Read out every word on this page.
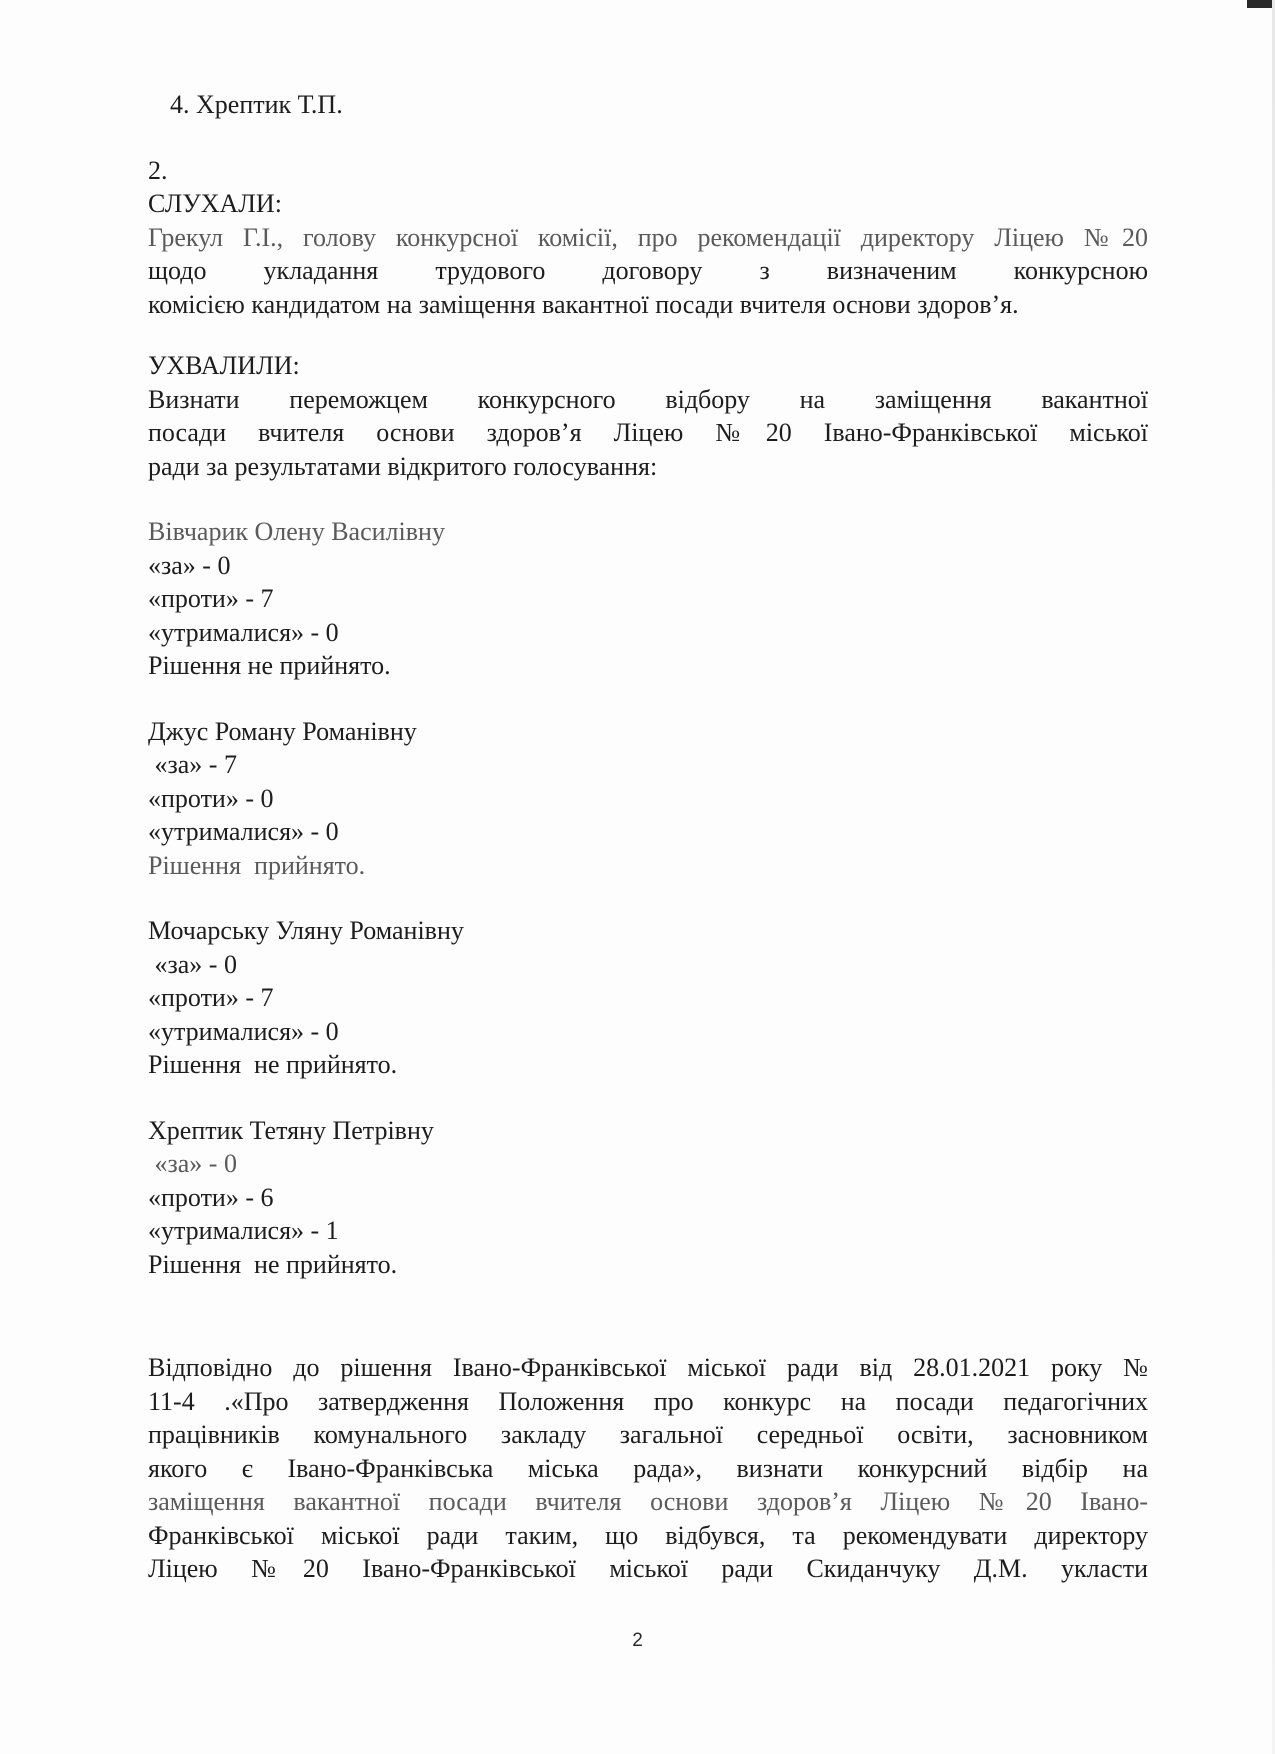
4. Хрептик Т.П.
2.
СЛУХАЛИ:
Грекул Г.І., голову конкурсної комісії, про рекомендації директору Ліцею №20
щодо укладання трудового договору з визначеним конкурсною
комісією кандидатом на заміщення вакантної посади вчителя основи здоров’я.
УХВАЛИЛИ:
Визнати переможцем конкурсного відбору на заміщення вакантної
посади вчителя основи здоров’я Ліцею №20 Івано-Франківської міської
ради за результатами відкритого голосування:
Вівчарик Олену Василівну
«за» - 0
«проти» - 7
«утрималися» - 0
Рішення не прийнято.
Джус Роману Романівну
«за» - 7
«проти» - 0
«утрималися» - 0
Рішення  прийнято.
Мочарську Уляну Романівну
«за» - 0
«проти» - 7
«утрималися» - 0
Рішення  не прийнято.
Хрептик Тетяну Петрівну
«за» - 0
«проти» - 6
«утрималися» - 1
Рішення  не прийнято.
Відповідно до рішення Івано-Франківської міської ради від 28.01.2021 року №
11-4 .«Про затвердження Положення про конкурс на посади педагогічних
працівників комунального закладу загальної середньої освіти, засновником
якого є Івано-Франківська міська рада», визнати конкурсний відбір на
заміщення вакантної посади вчителя основи здоров’я Ліцею №20 Івано-
Франківської міської ради таким, що відбувся, та рекомендувати директору
Ліцею №20 Івано-Франківської міської ради Скиданчуку Д.М. укласти
2
